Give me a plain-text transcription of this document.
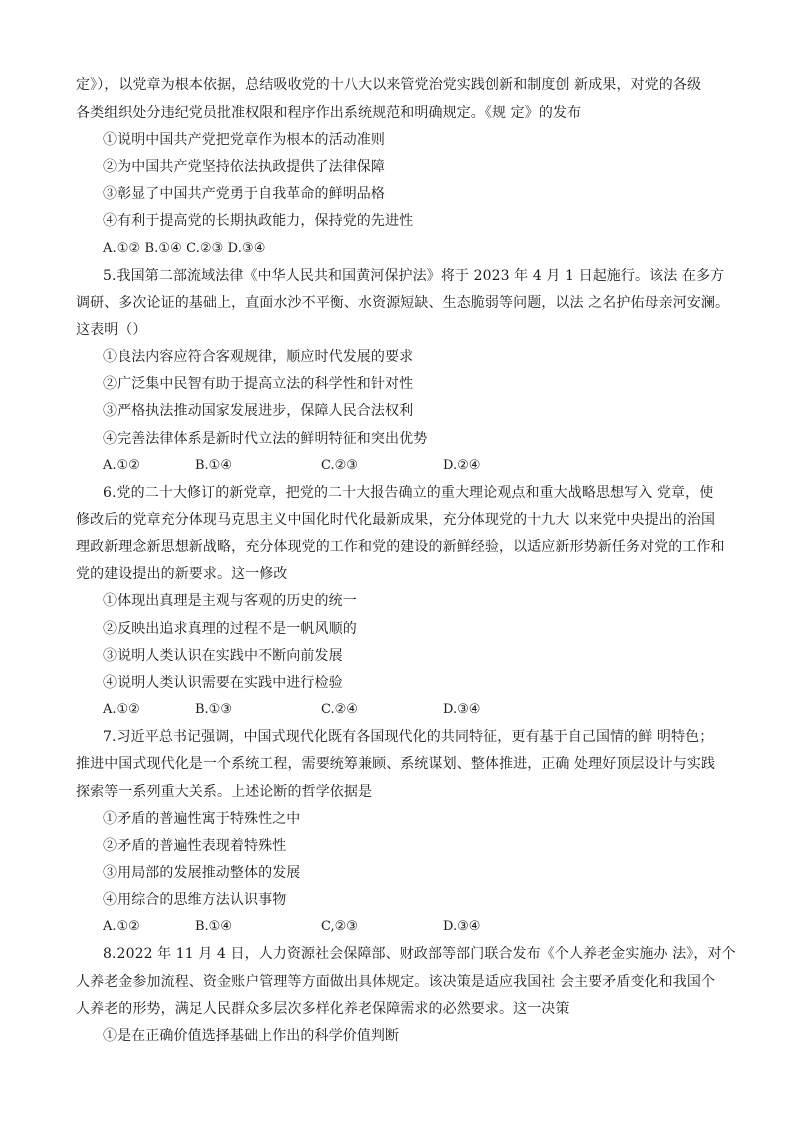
定》），以党章为根本依据，总结吸收党的十八大以来管党治党实践创新和制度创 新成果，对党的各级
各类组织处分违纪党员批准权限和程序作出系统规范和明确规定。《规 定》的发布
①说明中国共产党把党章作为根本的活动准则
②为中国共产党坚持依法执政提供了法律保障
③彰显了中国共产党勇于自我革命的鲜明品格
④有利于提高党的长期执政能力，保持党的先进性
A.①② B.①④ C.②③ D.③④
5.我国第二部流域法律《中华人民共和国黄河保护法》将于 2023 年 4 月 1 日起施行。该法 在多方
调研、多次论证的基础上，直面水沙不平衡、水资源短缺、生态脆弱等问题，以法 之名护佑母亲河安澜。
这表明（）
①良法内容应符合客观规律，顺应时代发展的要求
②广泛集中民智有助于提高立法的科学性和针对性
③严格执法推动国家发展进步，保障人民合法权利
④完善法律体系是新时代立法的鲜明特征和突出优势
A.①②	B.①④	C.②③	D.②④
6.党的二十大修订的新党章，把党的二十大报告确立的重大理论观点和重大战略思想写入 党章，使
修改后的党章充分体现马克思主义中国化时代化最新成果，充分体现党的十九大 以来党中央提出的治国
理政新理念新思想新战略，充分体现党的工作和党的建设的新鲜经验，以适应新形势新任务对党的工作和
党的建设提出的新要求。这一修改
①体现出真理是主观与客观的历史的统一
②反映出追求真理的过程不是一帆风顺的
③说明人类认识在实践中不断向前发展
④说明人类认识需要在实践中进行检验
A.①②	B.①③	C.②④	D.③④
7.习近平总书记强调，中国式现代化既有各国现代化的共同特征，更有基于自己国情的鲜 明特色；
推进中国式现代化是一个系统工程，需要统筹兼顾、系统谋划、整体推进，正确 处理好顶层设计与实践
探索等一系列重大关系。上述论断的哲学依据是
①矛盾的普遍性寓于特殊性之中
②矛盾的普遍性表现着特殊性
③用局部的发展推动整体的发展
④用综合的思维方法认识事物
A.①②	B.①④	C,②③	D.③④
8.2022 年 11 月 4 日，人力资源社会保障部、财政部等部门联合发布《个人养老金实施办 法》，对个
人养老金参加流程、资金账户管理等方面做出具体规定。该决策是适应我国社 会主要矛盾变化和我国个
人养老的形势，满足人民群众多层次多样化养老保障需求的必然要求。这一决策
①是在正确价值选择基础上作出的科学价值判断
